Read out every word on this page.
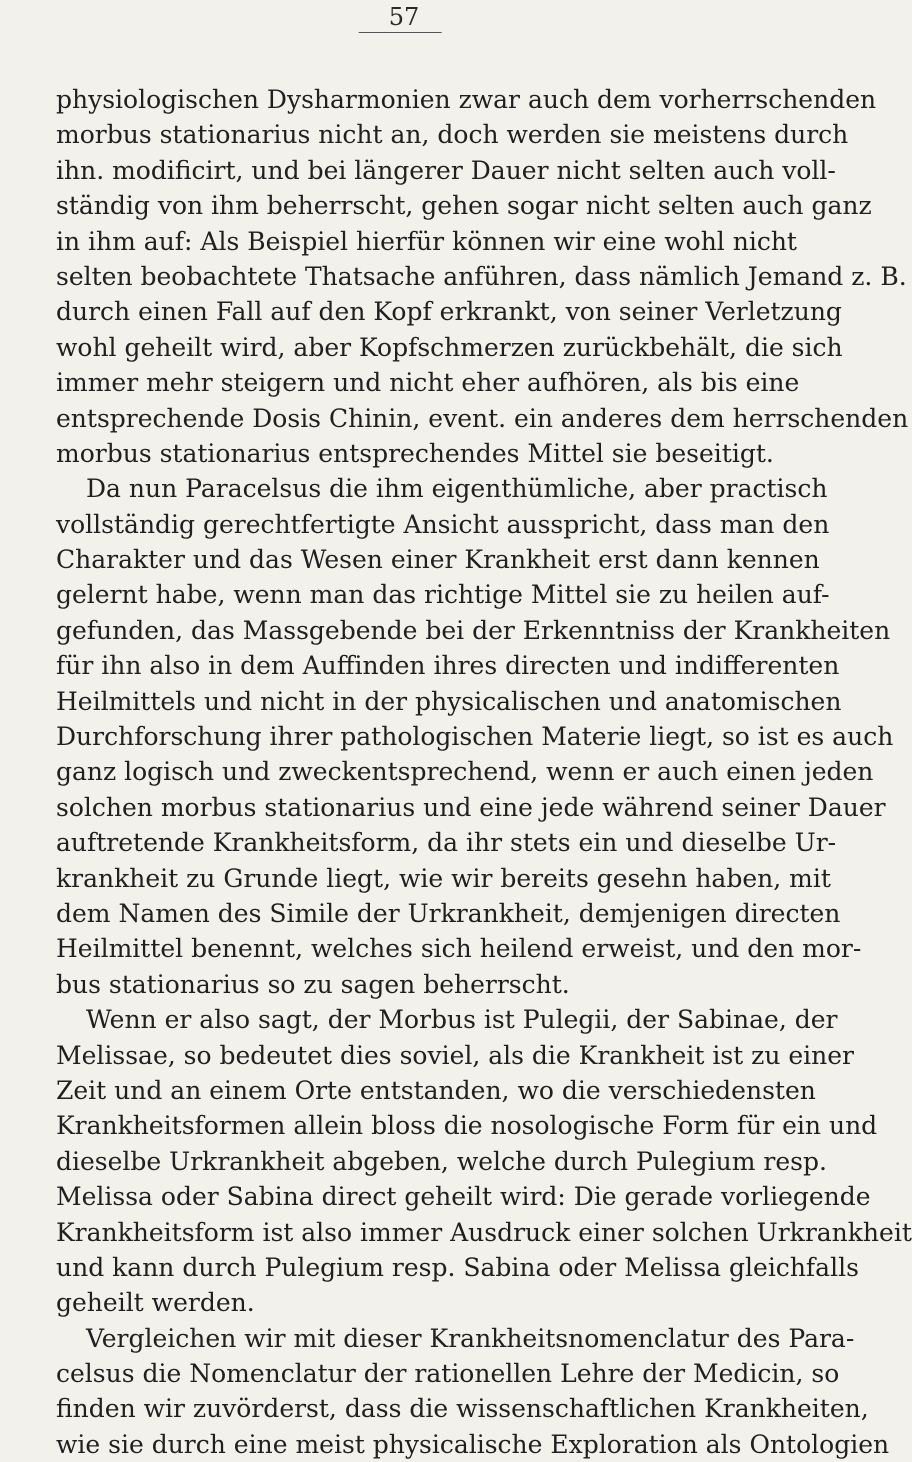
57
physiologischen Dysharmonien zwar auch dem vorherrschenden
morbus stationarius nicht an, doch werden sie meistens durch
ihn. modificirt, und bei längerer Dauer nicht selten auch voll-
ständig von ihm beherrscht, gehen sogar nicht selten auch ganz
in ihm auf: Als Beispiel hierfür können wir eine wohl nicht
selten beobachtete Thatsache anführen, dass nämlich Jemand z. B.
durch einen Fall auf den Kopf erkrankt, von seiner Verletzung
wohl geheilt wird, aber Kopfschmerzen zurückbehält, die sich
immer mehr steigern und nicht eher aufhören, als bis eine
entsprechende Dosis Chinin, event. ein anderes dem herrschenden
morbus stationarius entsprechendes Mittel sie beseitigt.
Da nun Paracelsus die ihm eigenthümliche, aber practisch
vollständig gerechtfertigte Ansicht ausspricht, dass man den
Charakter und das Wesen einer Krankheit erst dann kennen
gelernt habe, wenn man das richtige Mittel sie zu heilen auf-
gefunden, das Massgebende bei der Erkenntniss der Krankheiten
für ihn also in dem Auffinden ihres directen und indifferenten
Heilmittels und nicht in der physicalischen und anatomischen
Durchforschung ihrer pathologischen Materie liegt, so ist es auch
ganz logisch und zweckentsprechend, wenn er auch einen jeden
solchen morbus stationarius und eine jede während seiner Dauer
auftretende Krankheitsform, da ihr stets ein und dieselbe Ur-
krankheit zu Grunde liegt, wie wir bereits gesehn haben, mit
dem Namen des Simile der Urkrankheit, demjenigen directen
Heilmittel benennt, welches sich heilend erweist, und den mor-
bus stationarius so zu sagen beherrscht.
Wenn er also sagt, der Morbus ist Pulegii, der Sabinae, der
Melissae, so bedeutet dies soviel, als die Krankheit ist zu einer
Zeit und an einem Orte entstanden, wo die verschiedensten
Krankheitsformen allein bloss die nosologische Form für ein und
dieselbe Urkrankheit abgeben, welche durch Pulegium resp.
Melissa oder Sabina direct geheilt wird: Die gerade vorliegende
Krankheitsform ist also immer Ausdruck einer solchen Urkrankheit
und kann durch Pulegium resp. Sabina oder Melissa gleichfalls
geheilt werden.
Vergleichen wir mit dieser Krankheitsnomenclatur des Para-
celsus die Nomenclatur der rationellen Lehre der Medicin, so
finden wir zuvörderst, dass die wissenschaftlichen Krankheiten,
wie sie durch eine meist physicalische Exploration als Ontologien
